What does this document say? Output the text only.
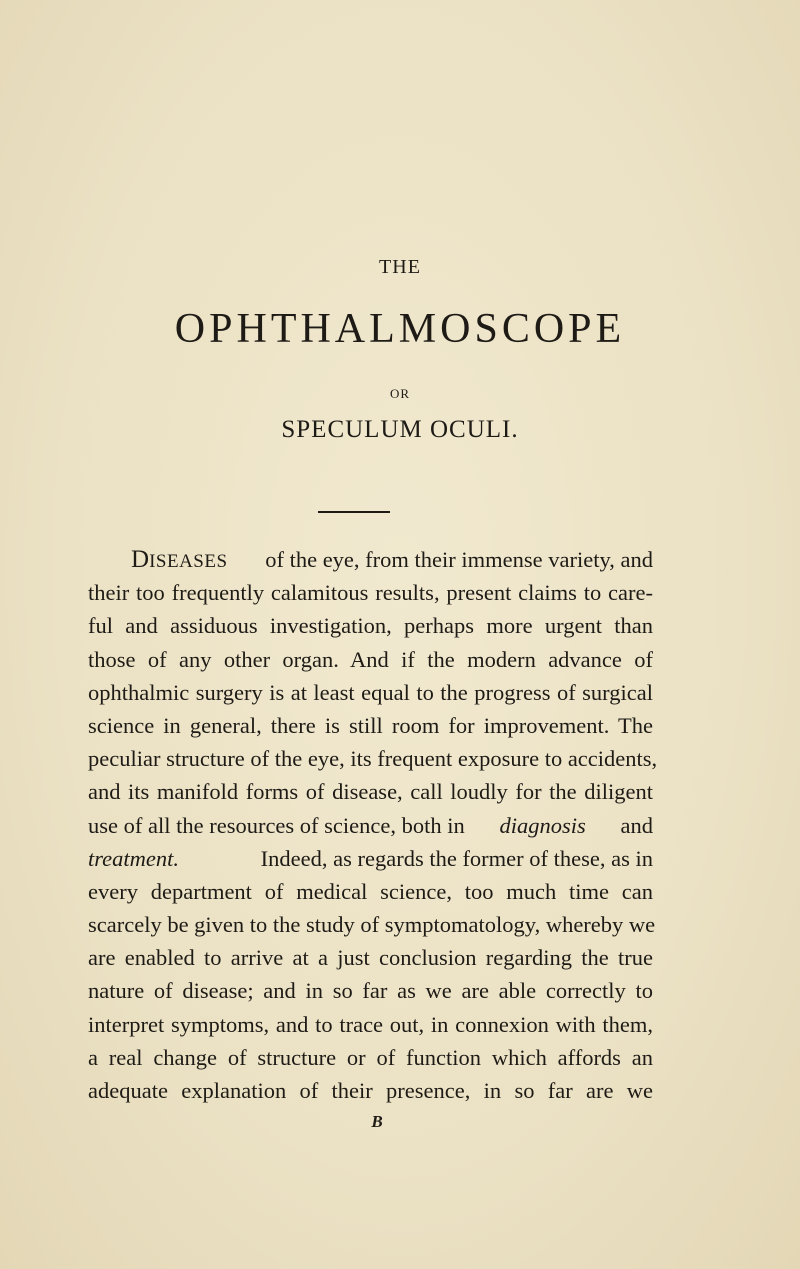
THE
OPHTHALMOSCOPE
OR
SPECULUM OCULI.
DISEASES of the eye, from their immense variety, and
their too frequently calamitous results, present claims to care-
ful and assiduous investigation, perhaps more urgent than
those of any other organ. And if the modern advance of
ophthalmic surgery is at least equal to the progress of surgical
science in general, there is still room for improvement. The
peculiar structure of the eye, its frequent exposure to accidents,
and its manifold forms of disease, call loudly for the diligent
use of all the resources of science, both in diagnosis and
treatment.	Indeed, as regards the former of these, as in
every department of medical science, too much time can
scarcely be given to the study of symptomatology, whereby we
are enabled to arrive at a just conclusion regarding the true
nature of disease; and in so far as we are able correctly to
interpret symptoms, and to trace out, in connexion with them,
a real change of structure or of function which affords an
adequate explanation of their presence, in so far are we
B
